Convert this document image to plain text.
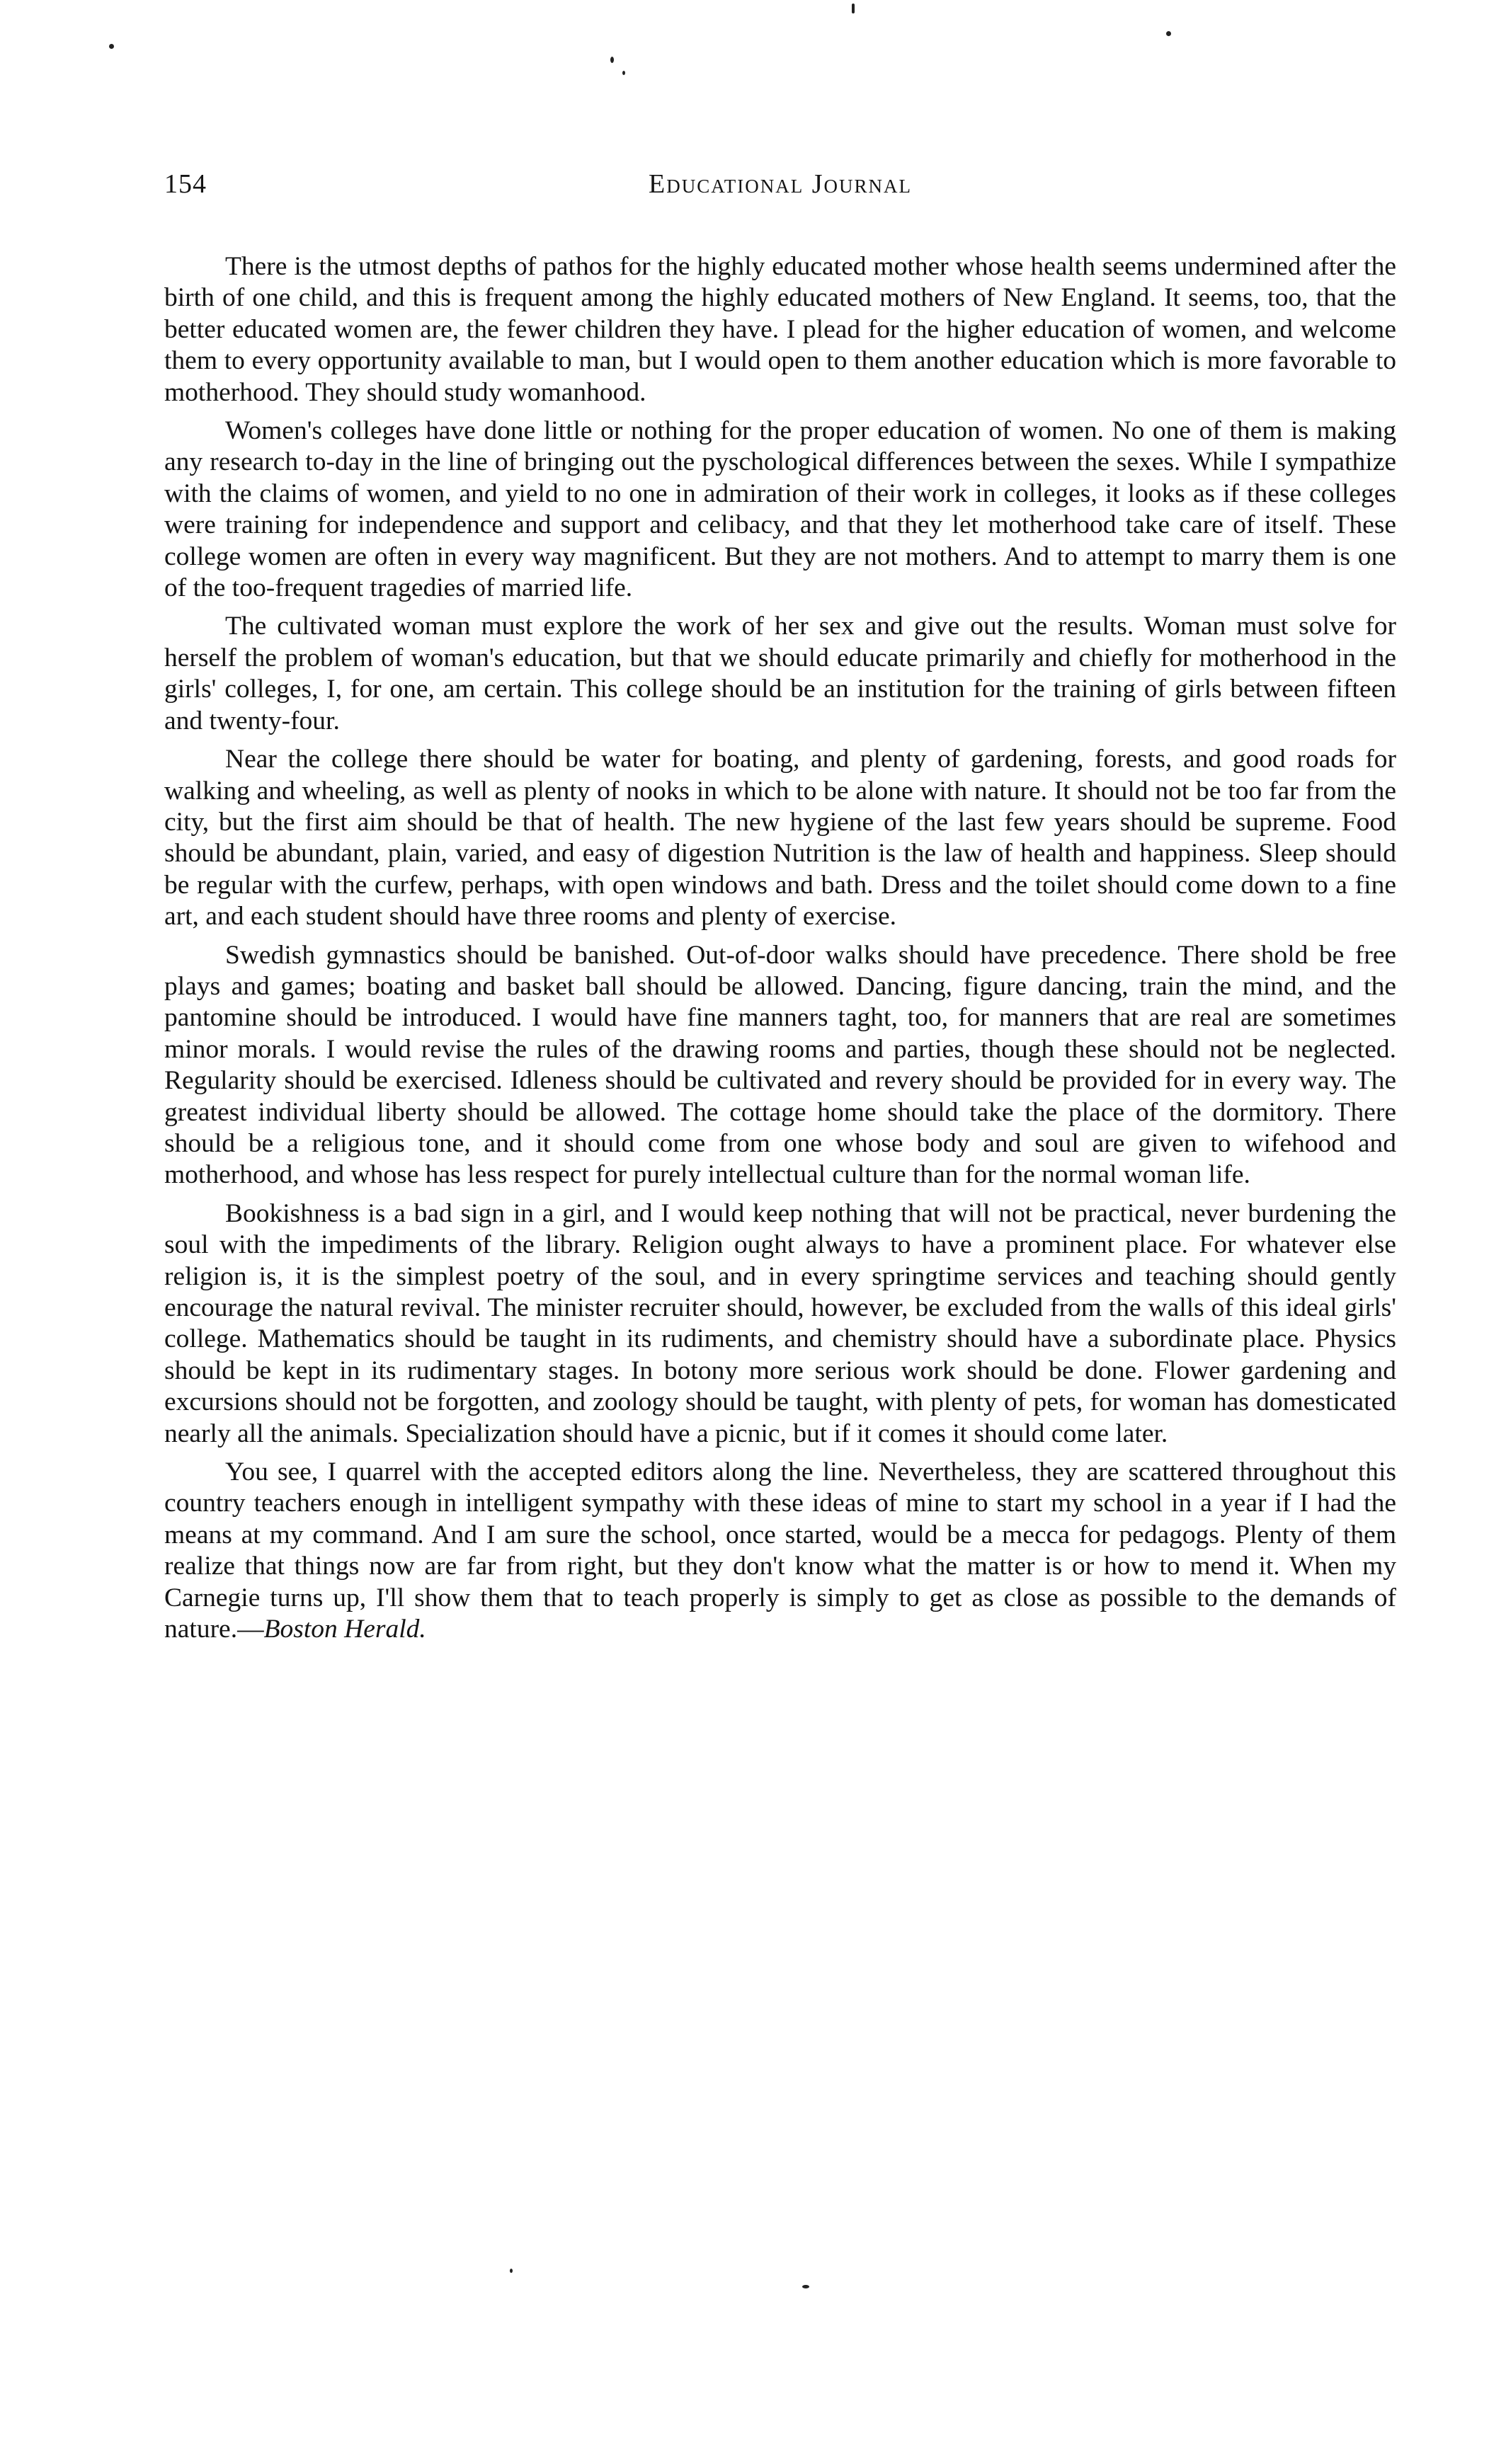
154	Educational Journal

There is the utmost depths of pathos for the highly educated mother whose health seems undermined after the birth of one child, and this is frequent among the highly educated mothers of New England. It seems, too, that the better educated women are, the fewer children they have. I plead for the higher education of women, and welcome them to every opportunity available to man, but I would open to them another education which is more favorable to motherhood. They should study womanhood.

Women's colleges have done little or nothing for the proper education of women. No one of them is making any research to-day in the line of bringing out the pyschological differences between the sexes. While I sympathize with the claims of women, and yield to no one in admiration of their work in colleges, it looks as if these colleges were training for independence and support and celibacy, and that they let motherhood take care of itself. These college women are often in every way magnificent. But they are not mothers. And to attempt to marry them is one of the too-frequent tragedies of married life.

The cultivated woman must explore the work of her sex and give out the results. Woman must solve for herself the problem of woman's education, but that we should educate primarily and chiefly for motherhood in the girls' colleges, I, for one, am certain. This college should be an institution for the training of girls between fifteen and twenty-four.

Near the college there should be water for boating, and plenty of gardening, forests, and good roads for walking and wheeling, as well as plenty of nooks in which to be alone with nature. It should not be too far from the city, but the first aim should be that of health. The new hygiene of the last few years should be supreme. Food should be abundant, plain, varied, and easy of digestion Nutrition is the law of health and happiness. Sleep should be regular with the curfew, perhaps, with open windows and bath. Dress and the toilet should come down to a fine art, and each student should have three rooms and plenty of exercise.

Swedish gymnastics should be banished. Out-of-door walks should have precedence. There shold be free plays and games; boating and basket ball should be allowed. Dancing, figure dancing, train the mind, and the pantomine should be introduced. I would have fine manners taght, too, for manners that are real are sometimes minor morals. I would revise the rules of the drawing rooms and parties, though these should not be neglected. Regularity should be exercised. Idleness should be cultivated and revery should be provided for in every way. The greatest individual liberty should be allowed. The cottage home should take the place of the dormitory. There should be a religious tone, and it should come from one whose body and soul are given to wifehood and motherhood, and whose has less respect for purely intellectual culture than for the normal woman life.

Bookishness is a bad sign in a girl, and I would keep nothing that will not be practical, never burdening the soul with the impediments of the library. Religion ought always to have a prominent place. For whatever else religion is, it is the simplest poetry of the soul, and in every springtime services and teaching should gently encourage the natural revival. The minister recruiter should, however, be excluded from the walls of this ideal girls' college. Mathematics should be taught in its rudiments, and chemistry should have a subordinate place. Physics should be kept in its rudimentary stages. In botony more serious work should be done. Flower gardening and excursions should not be forgotten, and zoology should be taught, with plenty of pets, for woman has domesticated nearly all the animals. Specialization should have a picnic, but if it comes it should come later.

You see, I quarrel with the accepted editors along the line. Nevertheless, they are scattered throughout this country teachers enough in intelligent sympathy with these ideas of mine to start my school in a year if I had the means at my command. And I am sure the school, once started, would be a mecca for pedagogs. Plenty of them realize that things now are far from right, but they don't know what the matter is or how to mend it. When my Carnegie turns up, I'll show them that to teach properly is simply to get as close as possible to the demands of nature.—Boston Herald.
